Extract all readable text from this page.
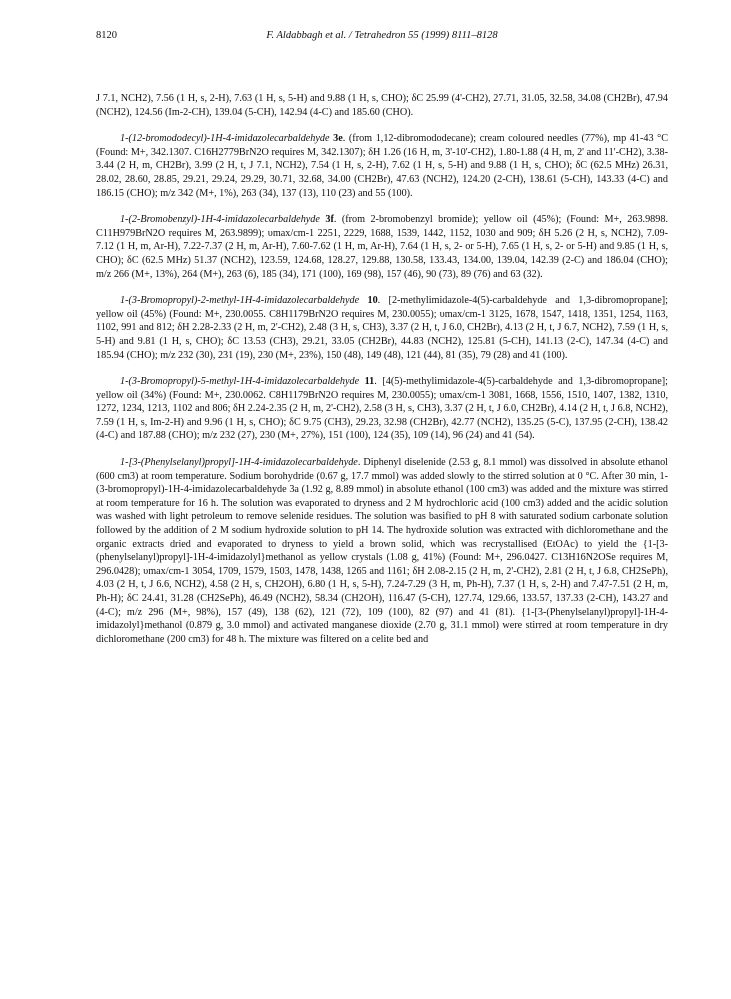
8120	F. Aldabbagh et al. / Tetrahedron 55 (1999) 8111–8128

J 7.1, NCH2), 7.56 (1 H, s, 2-H), 7.63 (1 H, s, 5-H) and 9.88 (1 H, s, CHO); δC 25.99 (4'-CH2), 27.71, 31.05, 32.58, 34.08 (CH2Br), 47.94 (NCH2), 124.56 (Im-2-CH), 139.04 (5-CH), 142.94 (4-C) and 185.60 (CHO).

1-(12-bromododecyl)-1H-4-imidazolecarbaldehyde 3e. (from 1,12-dibromododecane); cream coloured needles (77%), mp 41-43 °C (Found: M+, 342.1307. C16H2779BrN2O requires M, 342.1307); δH 1.26 (16 H, m, 3'-10'-CH2), 1.80-1.88 (4 H, m, 2' and 11'-CH2), 3.38-3.44 (2 H, m, CH2Br), 3.99 (2 H, t, J 7.1, NCH2), 7.54 (1 H, s, 2-H), 7.62 (1 H, s, 5-H) and 9.88 (1 H, s, CHO); δC (62.5 MHz) 26.31, 28.02, 28.60, 28.85, 29.21, 29.24, 29.29, 30.71, 32.68, 34.00 (CH2Br), 47.63 (NCH2), 124.20 (2-CH), 138.61 (5-CH), 143.33 (4-C) and 186.15 (CHO); m/z 342 (M+, 1%), 263 (34), 137 (13), 110 (23) and 55 (100).

1-(2-Bromobenzyl)-1H-4-imidazolecarbaldehyde 3f. (from 2-bromobenzyl bromide); yellow oil (45%); (Found: M+, 263.9898. C11H979BrN2O requires M, 263.9899); υmax/cm-1 2251, 2229, 1688, 1539, 1442, 1152, 1030 and 909; δH 5.26 (2 H, s, NCH2), 7.09-7.12 (1 H, m, Ar-H), 7.22-7.37 (2 H, m, Ar-H), 7.60-7.62 (1 H, m, Ar-H), 7.64 (1 H, s, 2- or 5-H), 7.65 (1 H, s, 2- or 5-H) and 9.85 (1 H, s, CHO); δC (62.5 MHz) 51.37 (NCH2), 123.59, 124.68, 128.27, 129.88, 130.58, 133.43, 134.00, 139.04, 142.39 (2-C) and 186.04 (CHO); m/z 266 (M+, 13%), 264 (M+), 263 (6), 185 (34), 171 (100), 169 (98), 157 (46), 90 (73), 89 (76) and 63 (32).

1-(3-Bromopropyl)-2-methyl-1H-4-imidazolecarbaldehyde 10. [2-methylimidazole-4(5)-carbaldehyde and 1,3-dibromopropane]; yellow oil (45%) (Found: M+, 230.0055. C8H1179BrN2O requires M, 230.0055); υmax/cm-1 3125, 1678, 1547, 1418, 1351, 1254, 1163, 1102, 991 and 812; δH 2.28-2.33 (2 H, m, 2'-CH2), 2.48 (3 H, s, CH3), 3.37 (2 H, t, J 6.0, CH2Br), 4.13 (2 H, t, J 6.7, NCH2), 7.59 (1 H, s, 5-H) and 9.81 (1 H, s, CHO); δC 13.53 (CH3), 29.21, 33.05 (CH2Br), 44.83 (NCH2), 125.81 (5-CH), 141.13 (2-C), 147.34 (4-C) and 185.94 (CHO); m/z 232 (30), 231 (19), 230 (M+, 23%), 150 (48), 149 (48), 121 (44), 81 (35), 79 (28) and 41 (100).

1-(3-Bromopropyl)-5-methyl-1H-4-imidazolecarbaldehyde 11. [4(5)-methylimidazole-4(5)-carbaldehyde and 1,3-dibromopropane]; yellow oil (34%) (Found: M+, 230.0062. C8H1179BrN2O requires M, 230.0055); υmax/cm-1 3081, 1668, 1556, 1510, 1407, 1382, 1310, 1272, 1234, 1213, 1102 and 806; δH 2.24-2.35 (2 H, m, 2'-CH2), 2.58 (3 H, s, CH3), 3.37 (2 H, t, J 6.0, CH2Br), 4.14 (2 H, t, J 6.8, NCH2), 7.59 (1 H, s, Im-2-H) and 9.96 (1 H, s, CHO); δC 9.75 (CH3), 29.23, 32.98 (CH2Br), 42.77 (NCH2), 135.25 (5-C), 137.95 (2-CH), 138.42 (4-C) and 187.88 (CHO); m/z 232 (27), 230 (M+, 27%), 151 (100), 124 (35), 109 (14), 96 (24) and 41 (54).

1-[3-(Phenylselanyl)propyl]-1H-4-imidazolecarbaldehyde. Diphenyl diselenide (2.53 g, 8.1 mmol) was dissolved in absolute ethanol (600 cm3) at room temperature. Sodium borohydride (0.67 g, 17.7 mmol) was added slowly to the stirred solution at 0 °C. After 30 min, 1-(3-bromopropyl)-1H-4-imidazolecarbaldehyde 3a (1.92 g, 8.89 mmol) in absolute ethanol (100 cm3) was added and the mixture was stirred at room temperature for 16 h. The solution was evaporated to dryness and 2 M hydrochloric acid (100 cm3) added and the acidic solution was washed with light petroleum to remove selenide residues. The solution was basified to pH 8 with saturated sodium carbonate solution followed by the addition of 2 M sodium hydroxide solution to pH 14. The hydroxide solution was extracted with dichloromethane and the organic extracts dried and evaporated to dryness to yield a brown solid, which was recrystallised (EtOAc) to yield the {1-[3-(phenylselanyl)propyl]-1H-4-imidazolyl}methanol as yellow crystals (1.08 g, 41%) (Found: M+, 296.0427. C13H16N2OSe requires M, 296.0428); υmax/cm-1 3054, 1709, 1579, 1503, 1478, 1438, 1265 and 1161; δH 2.08-2.15 (2 H, m, 2'-CH2), 2.81 (2 H, t, J 6.8, CH2SePh), 4.03 (2 H, t, J 6.6, NCH2), 4.58 (2 H, s, CH2OH), 6.80 (1 H, s, 5-H), 7.24-7.29 (3 H, m, Ph-H), 7.37 (1 H, s, 2-H) and 7.47-7.51 (2 H, m, Ph-H); δC 24.41, 31.28 (CH2SePh), 46.49 (NCH2), 58.34 (CH2OH), 116.47 (5-CH), 127.74, 129.66, 133.57, 137.33 (2-CH), 143.27 and (4-C); m/z 296 (M+, 98%), 157 (49), 138 (62), 121 (72), 109 (100), 82 (97) and 41 (81). {1-[3-(Phenylselanyl)propyl]-1H-4-imidazolyl}methanol (0.879 g, 3.0 mmol) and activated manganese dioxide (2.70 g, 31.1 mmol) were stirred at room temperature in dry dichloromethane (200 cm3) for 48 h. The mixture was filtered on a celite bed and
